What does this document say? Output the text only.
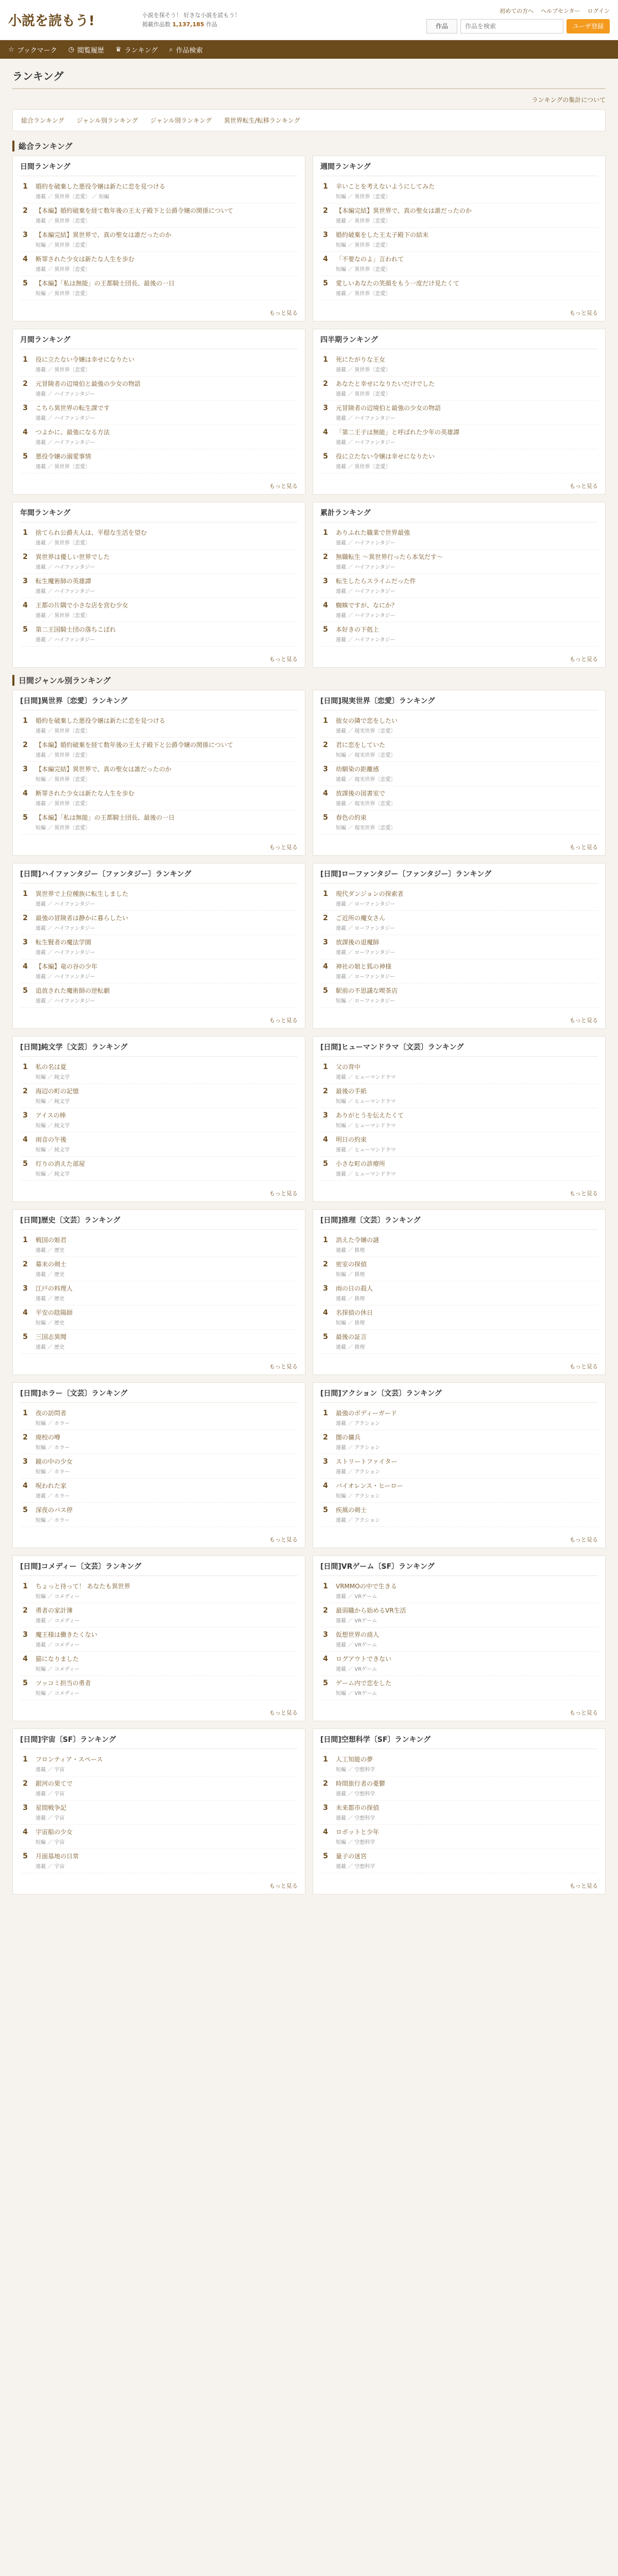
小説を読もう!	小説を探そう！ 好きな小説を読もう！
掲載作品数 1,137,185 作品
初めての方へ ヘルプセンター ログイン
作品
作品を検索	ユーザ登録
☆ ブックマーク ◷ 閲覧履歴 ♛ ランキング ⌕ 作品検索
ランキング
ランキングの集計について
総合ランキング ジャンル別ランキング ジャンル別ランキング 異世界転生/転移ランキング
総合ランキング
日間ランキング
1	婚約を破棄した悪役令嬢は新たに恋を見つける
連載 ／ 異世界〔恋愛〕 ／ 短編
2	【本編】婚約破棄を経て数年後の王太子殿下と公爵令嬢の関係について
連載 ／ 異世界〔恋愛〕
3	【本編完結】異世界で、真の聖女は誰だったのか
短編 ／ 異世界〔恋愛〕
4	断罪された少女は新たな人生を歩む
連載 ／ 異世界〔恋愛〕
5	【本編】「私は無能」の王都騎士団長、最後の一日
短編 ／ 異世界〔恋愛〕
もっと見る
週間ランキング
1	辛いことを考えないようにしてみた
短編 ／ 異世界〔恋愛〕
2	【本編完結】異世界で、真の聖女は誰だったのか
連載 ／ 異世界〔恋愛〕
3	婚約破棄をした王太子殿下の結末
短編 ／ 異世界〔恋愛〕
4	「不要なのよ」言われて
短編 ／ 異世界〔恋愛〕
5	愛しいあなたの笑顔をもう一度だけ見たくて
連載 ／ 異世界〔恋愛〕
もっと見る
月間ランキング
1	役に立たない令嬢は幸せになりたい
連載 ／ 異世界〔恋愛〕
2	元冒険者の辺境伯と最強の少女の物語
連載 ／ ハイファンタジー
3	こちら異世界の転生課です
連載 ／ ハイファンタジー
4	つよかに、最強になる方法
連載 ／ ハイファンタジー
5	悪役令嬢の溺愛事情
連載 ／ 異世界〔恋愛〕
もっと見る
四半期ランキング
1	死にたがりな王女
連載 ／ 異世界〔恋愛〕
2	あなたと幸せになりたいだけでした
連載 ／ 異世界〔恋愛〕
3	元冒険者の辺境伯と最強の少女の物語
連載 ／ ハイファンタジー
4	「第二王子は無能」と呼ばれた少年の英雄譚
連載 ／ ハイファンタジー
5	役に立たない令嬢は幸せになりたい
連載 ／ 異世界〔恋愛〕
もっと見る
年間ランキング
1	捨てられ公爵夫人は、平穏な生活を望む
連載 ／ 異世界〔恋愛〕
2	異世界は優しい世界でした
連載 ／ ハイファンタジー
3	転生魔術師の英雄譚
連載 ／ ハイファンタジー
4	王都の片隅で小さな店を営む少女
連載 ／ 異世界〔恋愛〕
5	第二王国騎士団の落ちこぼれ
連載 ／ ハイファンタジー
もっと見る
累計ランキング
1	ありふれた職業で世界最強
連載 ／ ハイファンタジー
2	無職転生 ～異世界行ったら本気だす～
連載 ／ ハイファンタジー
3	転生したらスライムだった件
連載 ／ ハイファンタジー
4	蜘蛛ですが、なにか？
連載 ／ ハイファンタジー
5	本好きの下剋上
連載 ／ ハイファンタジー
もっと見る
日間ジャンル別ランキング
[日間]異世界〔恋愛〕ランキング
1	婚約を破棄した悪役令嬢は新たに恋を見つける
連載 ／ 異世界〔恋愛〕
2	【本編】婚約破棄を経て数年後の王太子殿下と公爵令嬢の関係について
連載 ／ 異世界〔恋愛〕
3	【本編完結】異世界で、真の聖女は誰だったのか
短編 ／ 異世界〔恋愛〕
4	断罪された少女は新たな人生を歩む
連載 ／ 異世界〔恋愛〕
5	【本編】「私は無能」の王都騎士団長、最後の一日
短編 ／ 異世界〔恋愛〕
もっと見る
[日間]現実世界〔恋愛〕ランキング
1	彼女の隣で恋をしたい
連載 ／ 現実世界〔恋愛〕
2	君に恋をしていた
短編 ／ 現実世界〔恋愛〕
3	幼馴染の距離感
連載 ／ 現実世界〔恋愛〕
4	放課後の図書室で
連載 ／ 現実世界〔恋愛〕
5	春色の約束
短編 ／ 現実世界〔恋愛〕
もっと見る
[日間]ハイファンタジー〔ファンタジー〕ランキング
1	異世界で上位種族に転生しました
連載 ／ ハイファンタジー
2	最強の冒険者は静かに暮らしたい
連載 ／ ハイファンタジー
3	転生賢者の魔法学園
連載 ／ ハイファンタジー
4	【本編】竜の谷の少年
連載 ／ ハイファンタジー
5	追放された魔術師の逆転劇
連載 ／ ハイファンタジー
もっと見る
[日間]ローファンタジー〔ファンタジー〕ランキング
1	現代ダンジョンの探索者
連載 ／ ローファンタジー
2	ご近所の魔女さん
連載 ／ ローファンタジー
3	放課後の退魔師
連載 ／ ローファンタジー
4	神社の娘と狐の神様
連載 ／ ローファンタジー
5	駅前の不思議な喫茶店
短編 ／ ローファンタジー
もっと見る
[日間]純文学〔文芸〕ランキング
1	私の名は夏
短編 ／ 純文学
2	海辺の町の記憶
短編 ／ 純文学
3	アイスの棒
短編 ／ 純文学
4	雨音の午後
短編 ／ 純文学
5	灯りの消えた部屋
短編 ／ 純文学
もっと見る
[日間]ヒューマンドラマ〔文芸〕ランキング
1	父の背中
連載 ／ ヒューマンドラマ
2	最後の手紙
短編 ／ ヒューマンドラマ
3	ありがとうを伝えたくて
短編 ／ ヒューマンドラマ
4	明日の約束
連載 ／ ヒューマンドラマ
5	小さな町の診療所
連載 ／ ヒューマンドラマ
もっと見る
[日間]歴史〔文芸〕ランキング
1	戦国の姫君
連載 ／ 歴史
2	幕末の剣士
連載 ／ 歴史
3	江戸の料理人
連載 ／ 歴史
4	平安の陰陽師
短編 ／ 歴史
5	三国志異聞
連載 ／ 歴史
もっと見る
[日間]推理〔文芸〕ランキング
1	消えた令嬢の謎
連載 ／ 推理
2	密室の探偵
短編 ／ 推理
3	雨の日の殺人
連載 ／ 推理
4	名探偵の休日
短編 ／ 推理
5	最後の証言
連載 ／ 推理
もっと見る
[日間]ホラー〔文芸〕ランキング
1	夜の訪問者
短編 ／ ホラー
2	廃校の噂
短編 ／ ホラー
3	鏡の中の少女
短編 ／ ホラー
4	呪われた家
連載 ／ ホラー
5	深夜のバス停
短編 ／ ホラー
もっと見る
[日間]アクション〔文芸〕ランキング
1	最強のボディーガード
連載 ／ アクション
2	闇の傭兵
連載 ／ アクション
3	ストリートファイター
連載 ／ アクション
4	バイオレンス・ヒーロー
短編 ／ アクション
5	疾風の剣士
連載 ／ アクション
もっと見る
[日間]コメディー〔文芸〕ランキング
1	ちょっと待って！ あなたも異世界
短編 ／ コメディー
2	勇者の家計簿
連載 ／ コメディー
3	魔王様は働きたくない
連載 ／ コメディー
4	猫になりました
短編 ／ コメディー
5	ツッコミ担当の勇者
短編 ／ コメディー
もっと見る
[日間]VRゲーム〔SF〕ランキング
1	VRMMOの中で生きる
連載 ／ VRゲーム
2	最弱職から始めるVR生活
連載 ／ VRゲーム
3	仮想世界の商人
連載 ／ VRゲーム
4	ログアウトできない
連載 ／ VRゲーム
5	ゲーム内で恋をした
短編 ／ VRゲーム
もっと見る
[日間]宇宙〔SF〕ランキング
1	フロンティア・スペース
連載 ／ 宇宙
2	銀河の果てで
連載 ／ 宇宙
3	星間戦争記
連載 ／ 宇宙
4	宇宙船の少女
短編 ／ 宇宙
5	月面基地の日常
連載 ／ 宇宙
もっと見る
[日間]空想科学〔SF〕ランキング
1	人工知能の夢
短編 ／ 空想科学
2	時間旅行者の憂鬱
連載 ／ 空想科学
3	未来都市の探偵
連載 ／ 空想科学
4	ロボットと少年
短編 ／ 空想科学
5	量子の迷宮
連載 ／ 空想科学
もっと見る
